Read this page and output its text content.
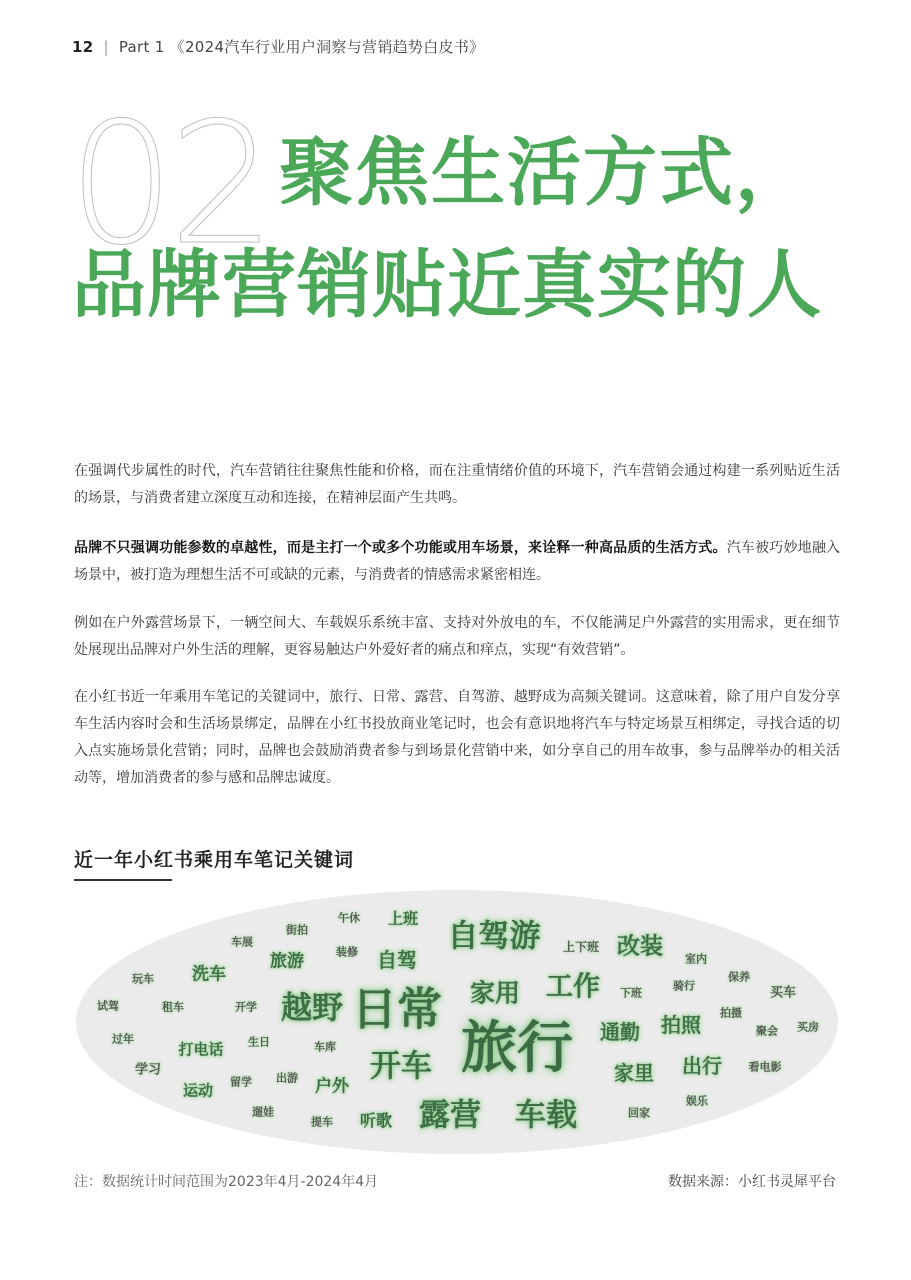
12 | Part 1 《2024汽车行业用户洞察与营销趋势白皮书》
02 聚焦生活方式，
品牌营销贴近真实的人

在强调代步属性的时代，汽车营销往往聚焦性能和价格，而在注重情绪价值的环境下，汽车营销会通过构建一系列贴近生活的场景，与消费者建立深度互动和连接，在精神层面产生共鸣。

品牌不只强调功能参数的卓越性，而是主打一个或多个功能或用车场景，来诠释一种高品质的生活方式。汽车被巧妙地融入场景中，被打造为理想生活不可或缺的元素，与消费者的情感需求紧密相连。

例如在户外露营场景下，一辆空间大、车载娱乐系统丰富、支持对外放电的车，不仅能满足户外露营的实用需求，更在细节处展现出品牌对户外生活的理解，更容易触达户外爱好者的痛点和痒点，实现“有效营销”。

在小红书近一年乘用车笔记的关键词中，旅行、日常、露营、自驾游、越野成为高频关键词。这意味着，除了用户自发分享车生活内容时会和生活场景绑定，品牌在小红书投放商业笔记时，也会有意识地将汽车与特定场景互相绑定，寻找合适的切入点实施场景化营销；同时，品牌也会鼓励消费者参与到场景化营销中来，如分享自己的用车故事，参与品牌举办的相关活动等，增加消费者的参与感和品牌忠诚度。

近一年小红书乘用车笔记关键词
旅行
日常
开车
露营 车载
自驾游
越野
工作
家用
改装
通勤 拍照
家里 出行
自驾
旅游
洗车
上班
户外
听歌
打电话
运动
学习
买车
上下班
午休
街拍
装修
车展
玩车
租车
试驾	开学
过年	生日	车库
留学 出游
遛娃
提车
下班
室内
骑行
保养
拍摄
聚会 买房
看电影
娱乐
回家
注：数据统计时间范围为2023年4月-2024年4月	数据来源：小红书灵犀平台
